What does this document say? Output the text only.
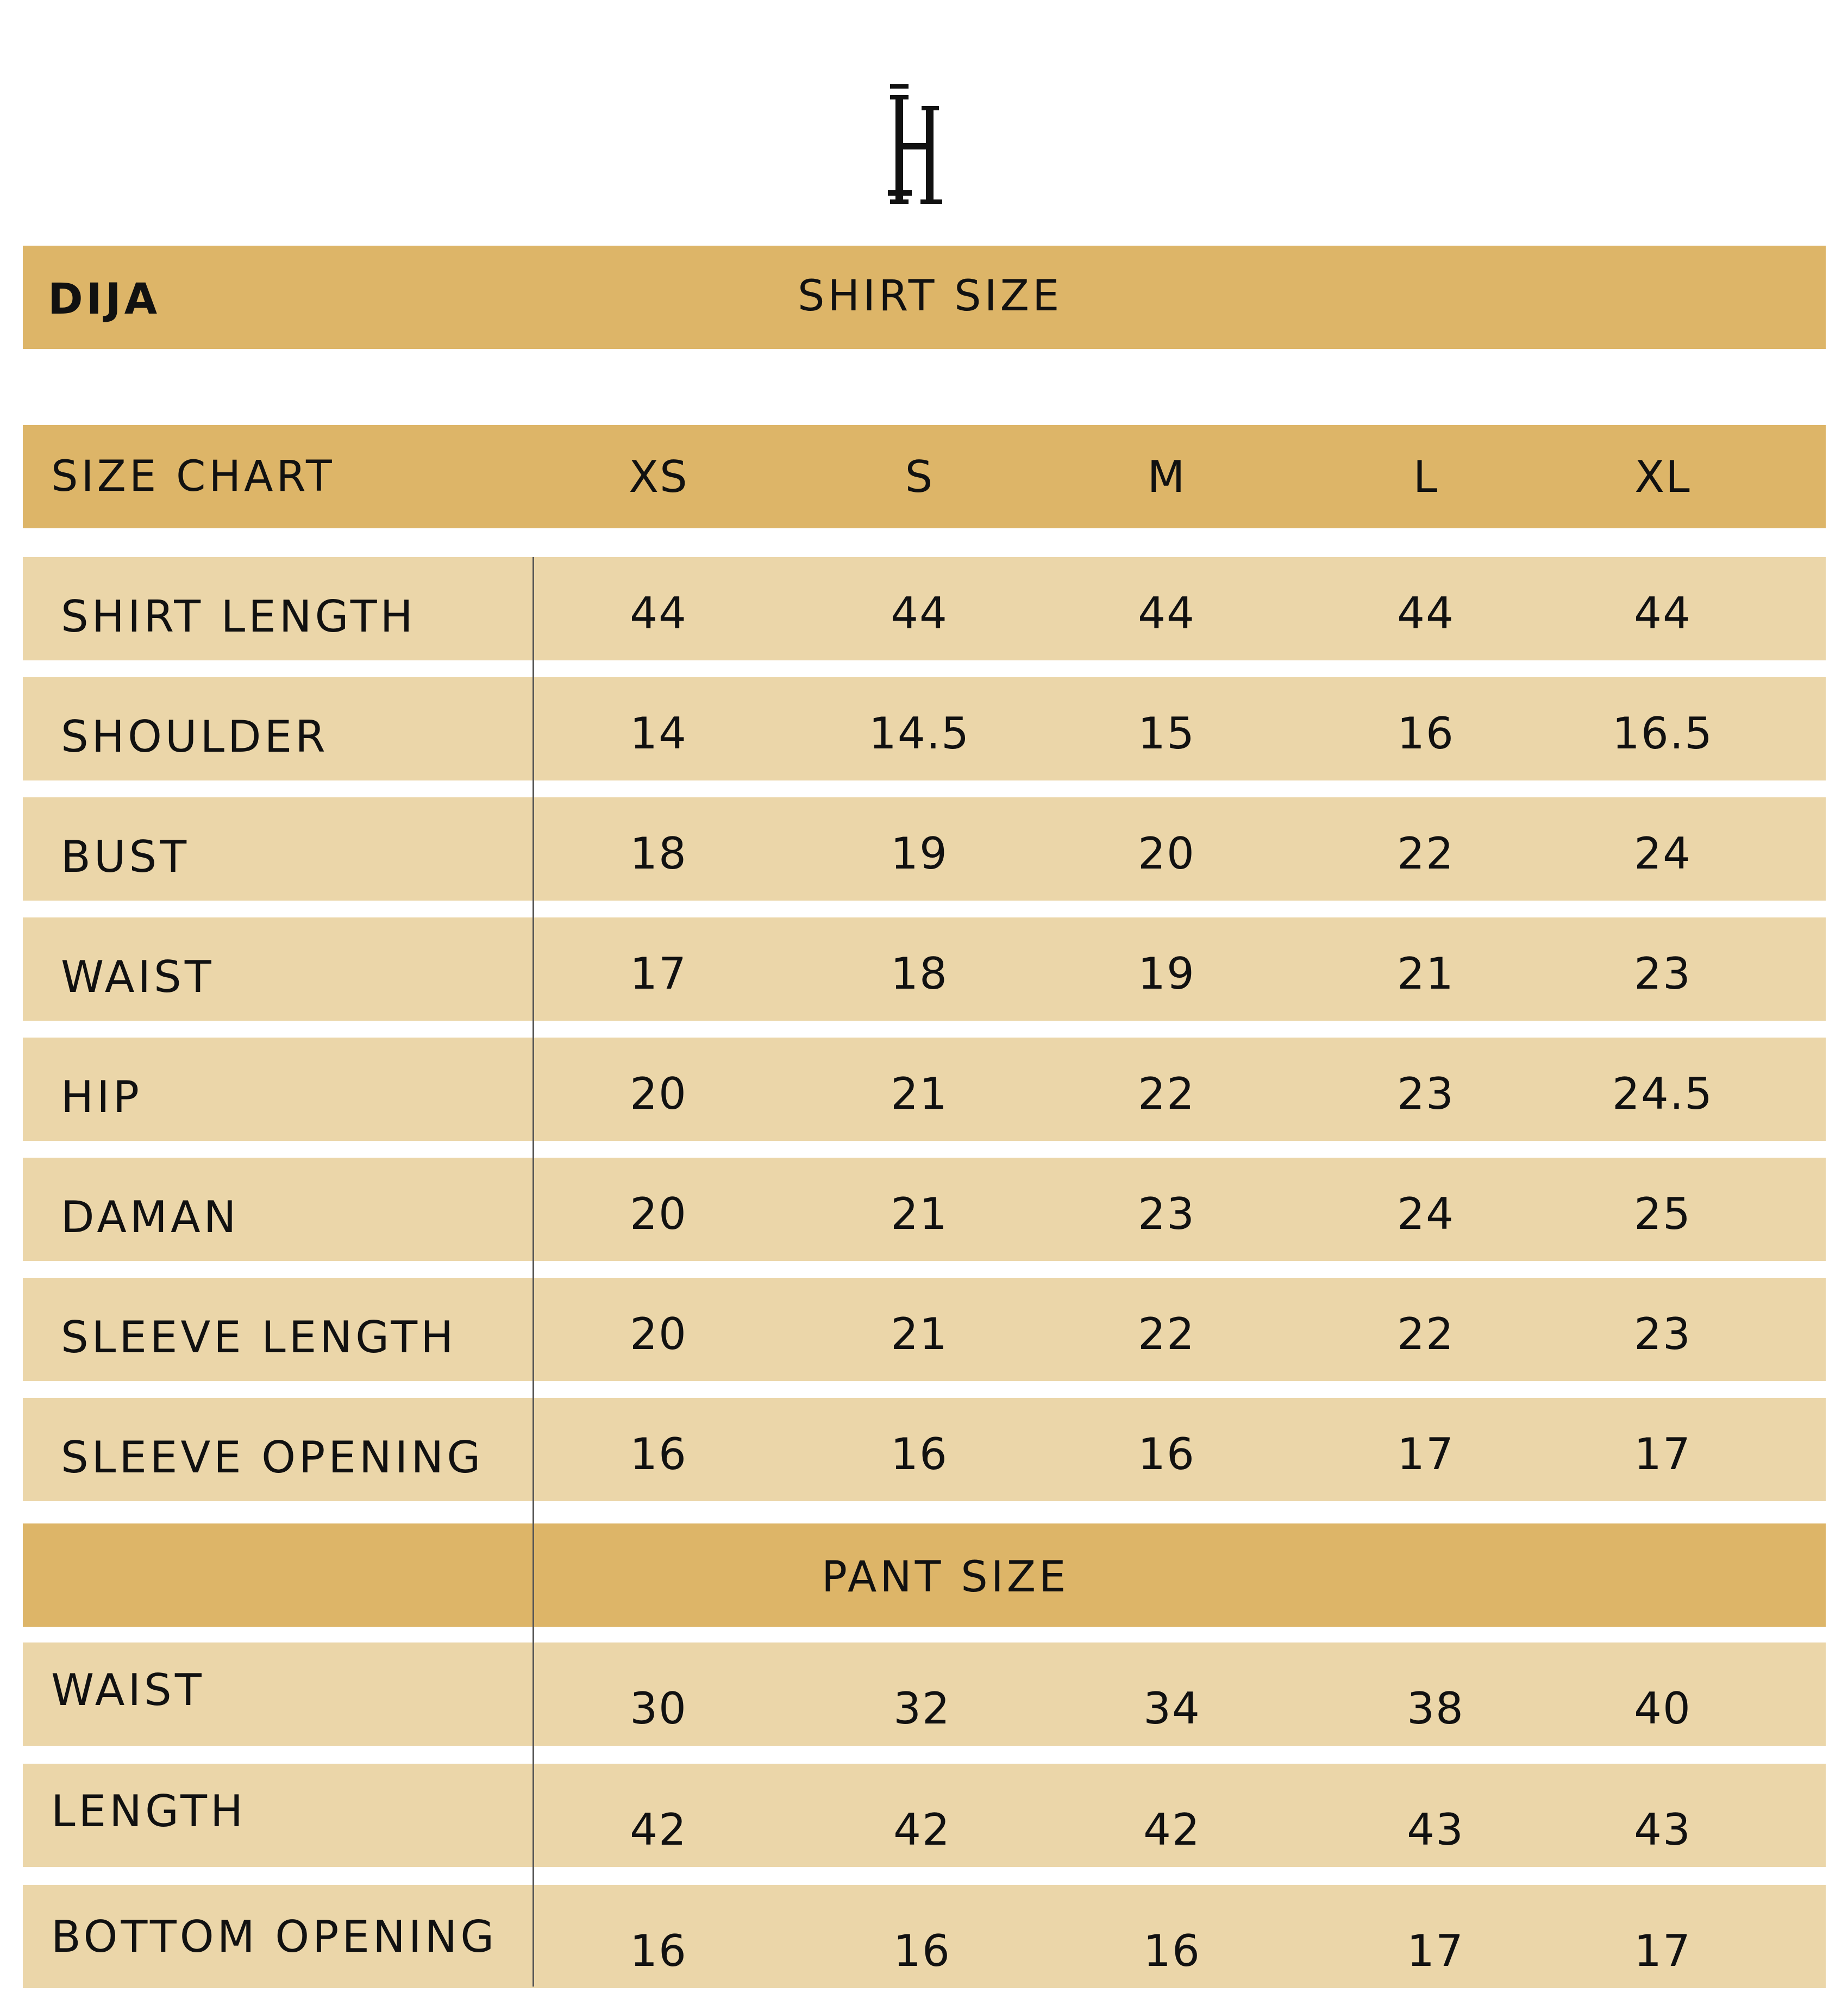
DIJA	SHIRT SIZE
SIZE CHART	XS	S	M	L	XL
SHIRT LENGTH	44	44	44	44	44
SHOULDER	14	14.5	15	16	16.5
BUST	18	19	20	22	24
WAIST	17	18	19	21	23
HIP	20	21	22	23	24.5
DAMAN	20	21	23	24	25
SLEEVE LENGTH	20	21	22	22	23
SLEEVE OPENING	16	16	16	17	17
PANT SIZE
WAIST	30	32	34	38	40
LENGTH	42	42	42	43	43
BOTTOM OPENING	16	16	16	17	17
